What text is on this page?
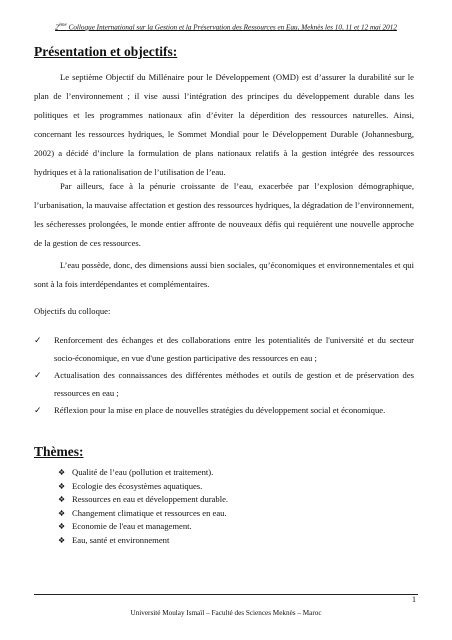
2ème Colloque International sur la Gestion et la Préservation des Ressources en Eau, Meknès les 10, 11 et 12 mai 2012
Présentation et objectifs:

Le septième Objectif du Millénaire pour le Développement (OMD) est d’assurer la durabilité sur le plan de l’environnement ; il vise aussi l’intégration des principes du développement durable dans les politiques et les programmes nationaux afin d’éviter la déperdition des ressources naturelles. Ainsi, concernant les ressources hydriques, le Sommet Mondial pour le Développement Durable (Johannesburg, 2002) a décidé d’inclure la formulation de plans nationaux relatifs à la gestion intégrée des ressources hydriques et à la rationalisation de l’utilisation de l’eau.

Par ailleurs, face à la pénurie croissante de l’eau, exacerbée par l’explosion démographique, l’urbanisation, la mauvaise affectation et gestion des ressources hydriques, la dégradation de l’environnement, les sécheresses prolongées, le monde entier affronte de nouveaux défis qui requièrent une nouvelle approche de la gestion de ces ressources.

L’eau possède, donc, des dimensions aussi bien sociales, qu’économiques et environnementales et qui sont à la fois interdépendantes et complémentaires.

Objectifs du colloque:
✓ Renforcement des échanges et des collaborations entre les potentialités de l'université et du secteur socio-économique, en vue d'une gestion participative des ressources en eau ;
✓ Actualisation des connaissances des différentes méthodes et outils de gestion et de préservation des ressources en eau ;
✓ Réflexion pour la mise en place de nouvelles stratégies du développement social et économique.
Thèmes:
❖ Qualité de l’eau (pollution et traitement).
❖ Ecologie des écosystèmes aquatiques.
❖ Ressources en eau et développement durable.
❖ Changement climatique et ressources en eau.
❖ Economie de l'eau et management.
❖ Eau, santé et environnement
1
Université Moulay Ismaïl – Faculté des Sciences Meknès – Maroc
